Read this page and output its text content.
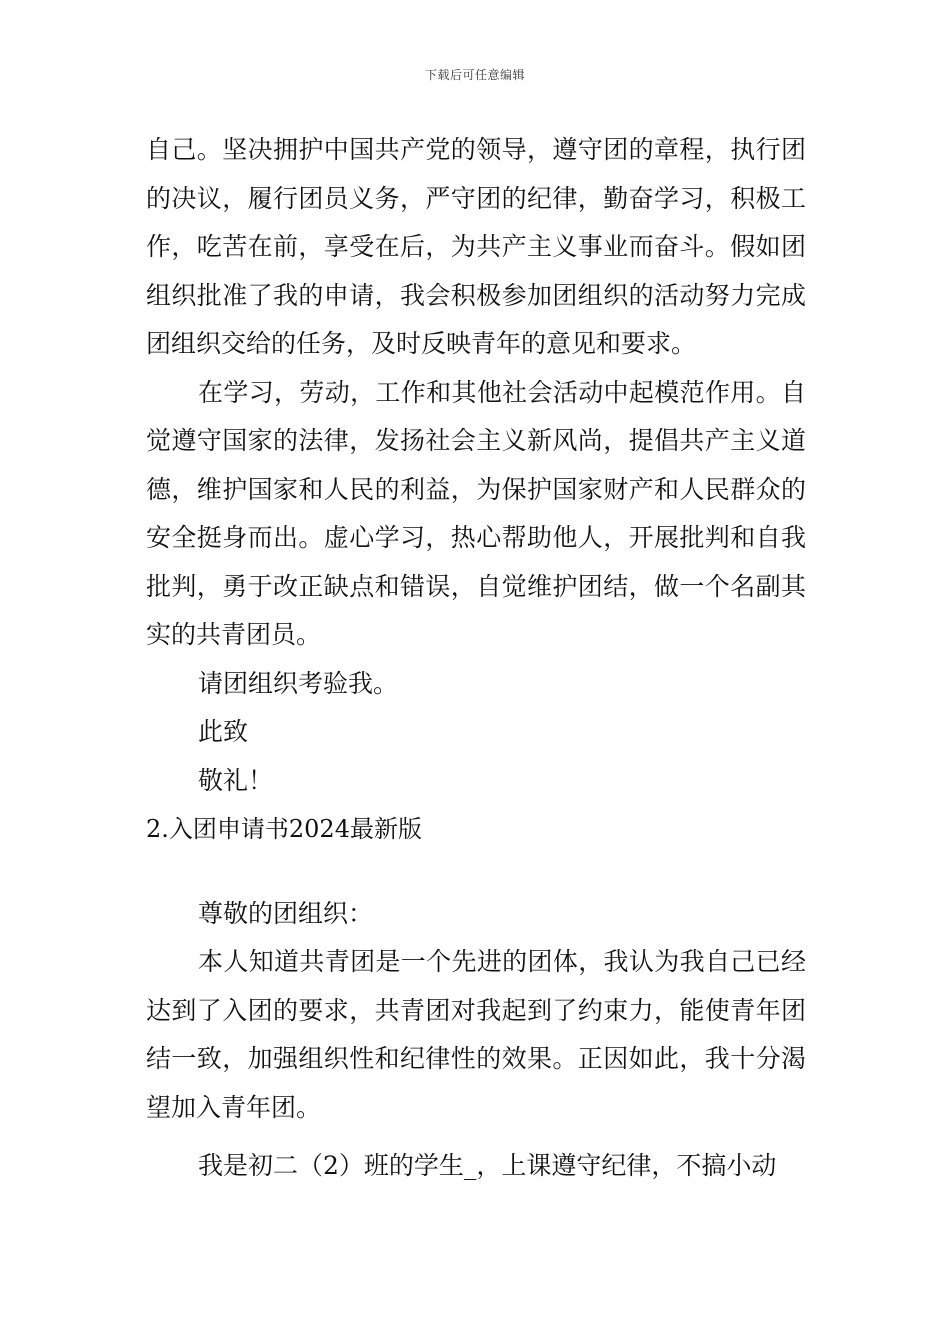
下载后可任意编辑

自己。坚决拥护中国共产党的领导，遵守团的章程，执行团的决议，履行团员义务，严守团的纪律，勤奋学习，积极工作，吃苦在前，享受在后，为共产主义事业而奋斗。假如团组织批准了我的申请，我会积极参加团组织的活动努力完成团组织交给的任务，及时反映青年的意见和要求。

在学习，劳动，工作和其他社会活动中起模范作用。自觉遵守国家的法律，发扬社会主义新风尚，提倡共产主义道德，维护国家和人民的利益，为保护国家财产和人民群众的安全挺身而出。虚心学习，热心帮助他人，开展批判和自我批判，勇于改正缺点和错误，自觉维护团结，做一个名副其实的共青团员。

请团组织考验我。

此致

敬礼！

2.入团申请书2024最新版

尊敬的团组织：

本人知道共青团是一个先进的团体，我认为我自己已经达到了入团的要求，共青团对我起到了约束力，能使青年团结一致，加强组织性和纪律性的效果。正因如此，我十分渴望加入青年团。

我是初二（2）班的学生_，上课遵守纪律，不搞小动
